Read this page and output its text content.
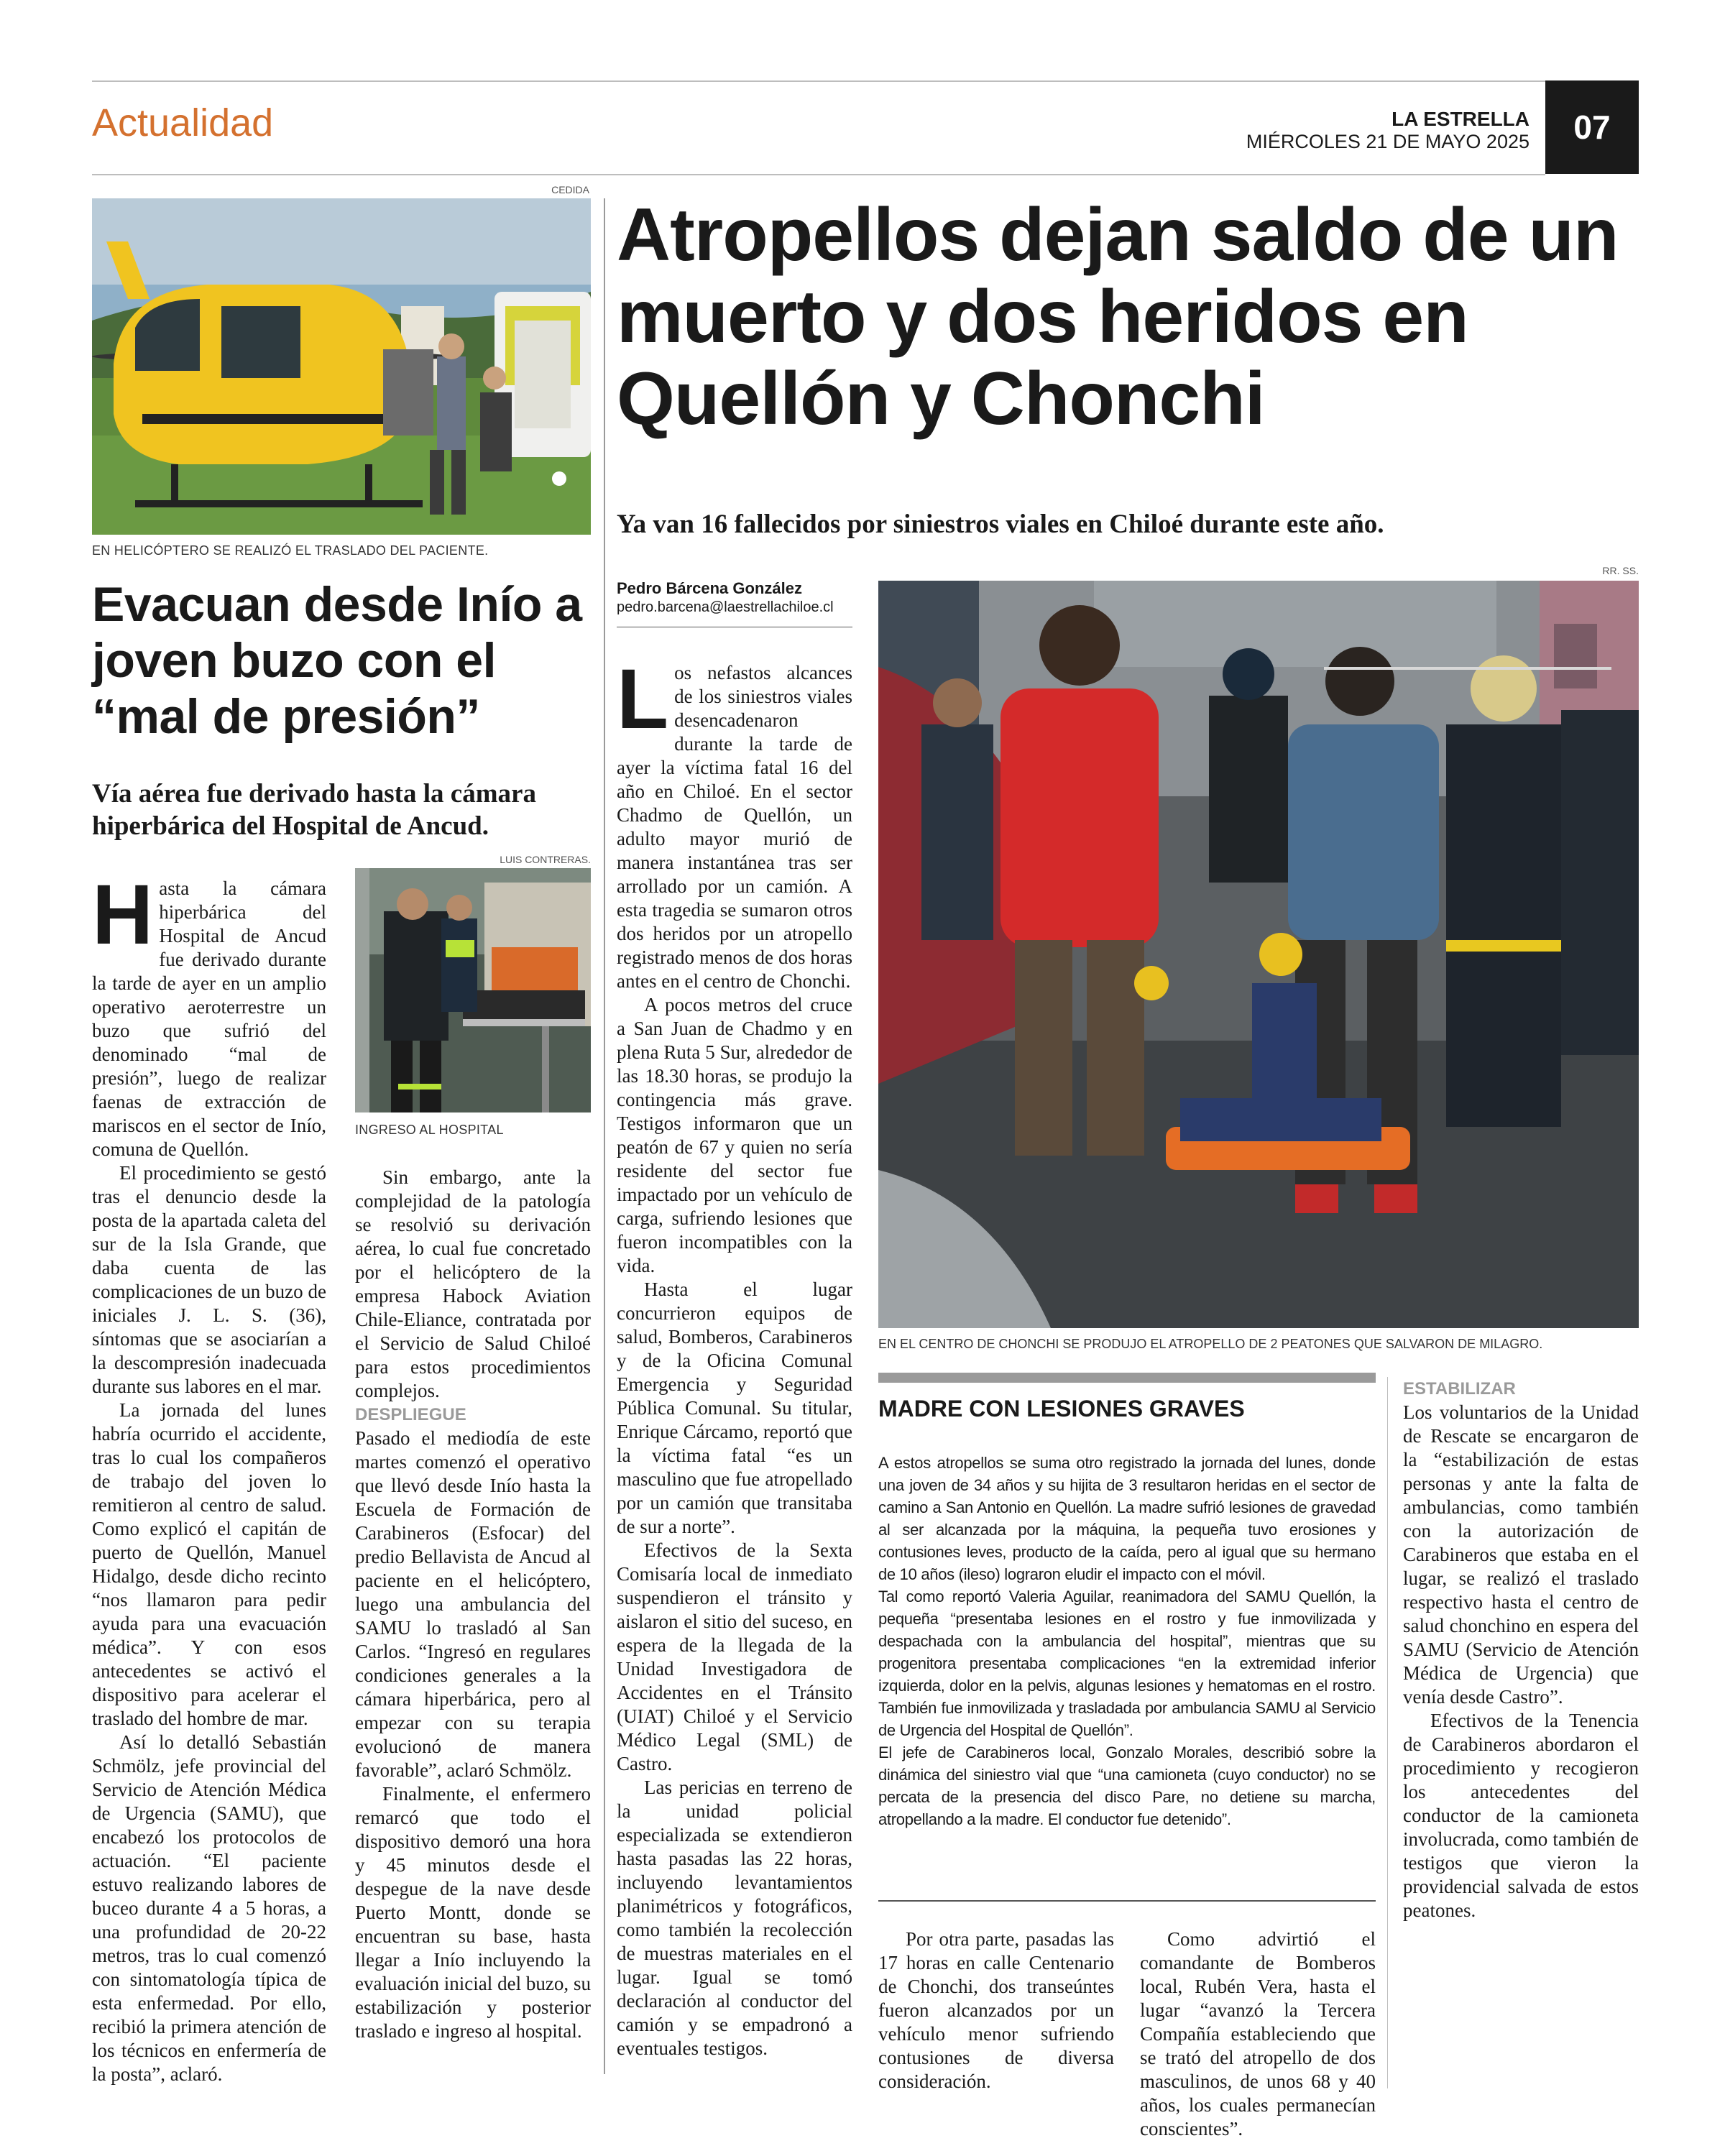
Actualidad	LA ESTRELLA
MIÉRCOLES 21 DE MAYO 2025	07
CEDIDA
EN HELICÓPTERO SE REALIZÓ EL TRASLADO DEL PACIENTE.
Evacuan desde Inío a joven buzo con el “mal de presión”
Vía aérea fue derivado hasta la cámara hiperbárica del Hospital de Ancud.

Hasta la cámara hiperbárica del Hospital de Ancud fue derivado durante la tarde de ayer en un amplio operativo aeroterrestre un buzo que sufrió del denominado “mal de presión”, luego de realizar faenas de extracción de mariscos en el sector de Inío, comuna de Quellón.

El procedimiento se gestó tras el denuncio desde la posta de la apartada caleta del sur de la Isla Grande, que daba cuenta de las complicaciones de un buzo de iniciales J. L. S. (36), síntomas que se asociarían a la descompresión inadecuada durante sus labores en el mar.

La jornada del lunes habría ocurrido el accidente, tras lo cual los compañeros de trabajo del joven lo remitieron al centro de salud. Como explicó el capitán de puerto de Quellón, Manuel Hidalgo, desde dicho recinto “nos llamaron para pedir ayuda para una evacuación médica”. Y con esos antecedentes se activó el dispositivo para acelerar el traslado del hombre de mar.

Así lo detalló Sebastián Schmölz, jefe provincial del Servicio de Atención Médica de Urgencia (SAMU), que encabezó los protocolos de actuación. “El paciente estuvo realizando labores de buceo durante 4 a 5 horas, a una profundidad de 20-22 metros, tras lo cual comenzó con sintomatología típica de esta enfermedad. Por ello, recibió la primera atención de los técnicos en enfermería de la posta”, aclaró.

LUIS CONTRERAS.
INGRESO AL HOSPITAL

Sin embargo, ante la complejidad de la patología se resolvió su derivación aérea, lo cual fue concretado por el helicóptero de la empresa Habock Aviation Chile-Eliance, contratada por el Servicio de Salud Chiloé para estos procedimientos complejos.

DESPLIEGUE

Pasado el mediodía de este martes comenzó el operativo que llevó desde Inío hasta la Escuela de Formación de Carabineros (Esfocar) del predio Bellavista de Ancud al paciente en el helicóptero, luego una ambulancia del SAMU lo trasladó al San Carlos. “Ingresó en regulares condiciones generales a la cámara hiperbárica, pero al empezar con su terapia evolucionó de manera favorable”, aclaró Schmölz.

Finalmente, el enfermero remarcó que todo el dispositivo demoró una hora y 45 minutos desde el despegue de la nave desde Puerto Montt, donde se encuentran su base, hasta llegar a Inío incluyendo la evaluación inicial del buzo, su estabilización y posterior traslado e ingreso al hospital.

Atropellos dejan saldo de un muerto y dos heridos en Quellón y Chonchi
Ya van 16 fallecidos por siniestros viales en Chiloé durante este año.
Pedro Bárcena González
pedro.barcena@laestrellachiloe.cl

Los nefastos alcances de los siniestros viales desencadenaron durante la tarde de ayer la víctima fatal 16 del año en Chiloé. En el sector Chadmo de Quellón, un adulto mayor murió de manera instantánea tras ser arrollado por un camión. A esta tragedia se sumaron otros dos heridos por un atropello registrado menos de dos horas antes en el centro de Chonchi.

A pocos metros del cruce a San Juan de Chadmo y en plena Ruta 5 Sur, alrededor de las 18.30 horas, se produjo la contingencia más grave. Testigos informaron que un peatón de 67 y quien no sería residente del sector fue impactado por un vehículo de carga, sufriendo lesiones que fueron incompatibles con la vida.

Hasta el lugar concurrieron equipos de salud, Bomberos, Carabineros y de la Oficina Comunal Emergencia y Seguridad Pública Comunal. Su titular, Enrique Cárcamo, reportó que la víctima fatal “es un masculino que fue atropellado por un camión que transitaba de sur a norte”.

Efectivos de la Sexta Comisaría local de inmediato suspendieron el tránsito y aislaron el sitio del suceso, en espera de la llegada de la Unidad Investigadora de Accidentes en el Tránsito (UIAT) Chiloé y el Servicio Médico Legal (SML) de Castro.

Las pericias en terreno de la unidad policial especializada se extendieron hasta pasadas las 22 horas, incluyendo levantamientos planimétricos y fotográficos, como también la recolección de muestras materiales en el lugar. Igual se tomó declaración al conductor del camión y se empadronó a eventuales testigos.

RR. SS.
EN EL CENTRO DE CHONCHI SE PRODUJO EL ATROPELLO DE 2 PEATONES QUE SALVARON DE MILAGRO.
MADRE CON LESIONES GRAVES

A estos atropellos se suma otro registrado la jornada del lunes, donde una joven de 34 años y su hijita de 3 resultaron heridas en el sector de camino a San Antonio en Quellón. La madre sufrió lesiones de gravedad al ser alcanzada por la máquina, la pequeña tuvo erosiones y contusiones leves, producto de la caída, pero al igual que su hermano de 10 años (ileso) lograron eludir el impacto con el móvil.

Tal como reportó Valeria Aguilar, reanimadora del SAMU Quellón, la pequeña “presentaba lesiones en el rostro y fue inmovilizada y despachada con la ambulancia del hospital”, mientras que su progenitora presentaba complicaciones “en la extremidad inferior izquierda, dolor en la pelvis, algunas lesiones y hematomas en el rostro. También fue inmovilizada y trasladada por ambulancia SAMU al Servicio de Urgencia del Hospital de Quellón”.

El jefe de Carabineros local, Gonzalo Morales, describió sobre la dinámica del siniestro vial que “una camioneta (cuyo conductor) no se percata de la presencia del disco Pare, no detiene su marcha, atropellando a la madre. El conductor fue detenido”.

Por otra parte, pasadas las 17 horas en calle Centenario de Chonchi, dos transeúntes fueron alcanzados por un vehículo menor sufriendo contusiones de diversa consideración.

Como advirtió el comandante de Bomberos local, Rubén Vera, hasta el lugar “avanzó la Tercera Compañía estableciendo que se trató del atropello de dos masculinos, de unos 68 y 40 años, los cuales permanecían conscientes”.

ESTABILIZAR

Los voluntarios de la Unidad de Rescate se encargaron de la “estabilización de estas personas y ante la falta de ambulancias, como también con la autorización de Carabineros que estaba en el lugar, se realizó el traslado respectivo hasta el centro de salud chonchino en espera del SAMU (Servicio de Atención Médica de Urgencia) que venía desde Castro”.

Efectivos de la Tenencia de Carabineros abordaron el procedimiento y recogieron los antecedentes del conductor de la camioneta involucrada, como también de testigos que vieron la providencial salvada de estos peatones.
